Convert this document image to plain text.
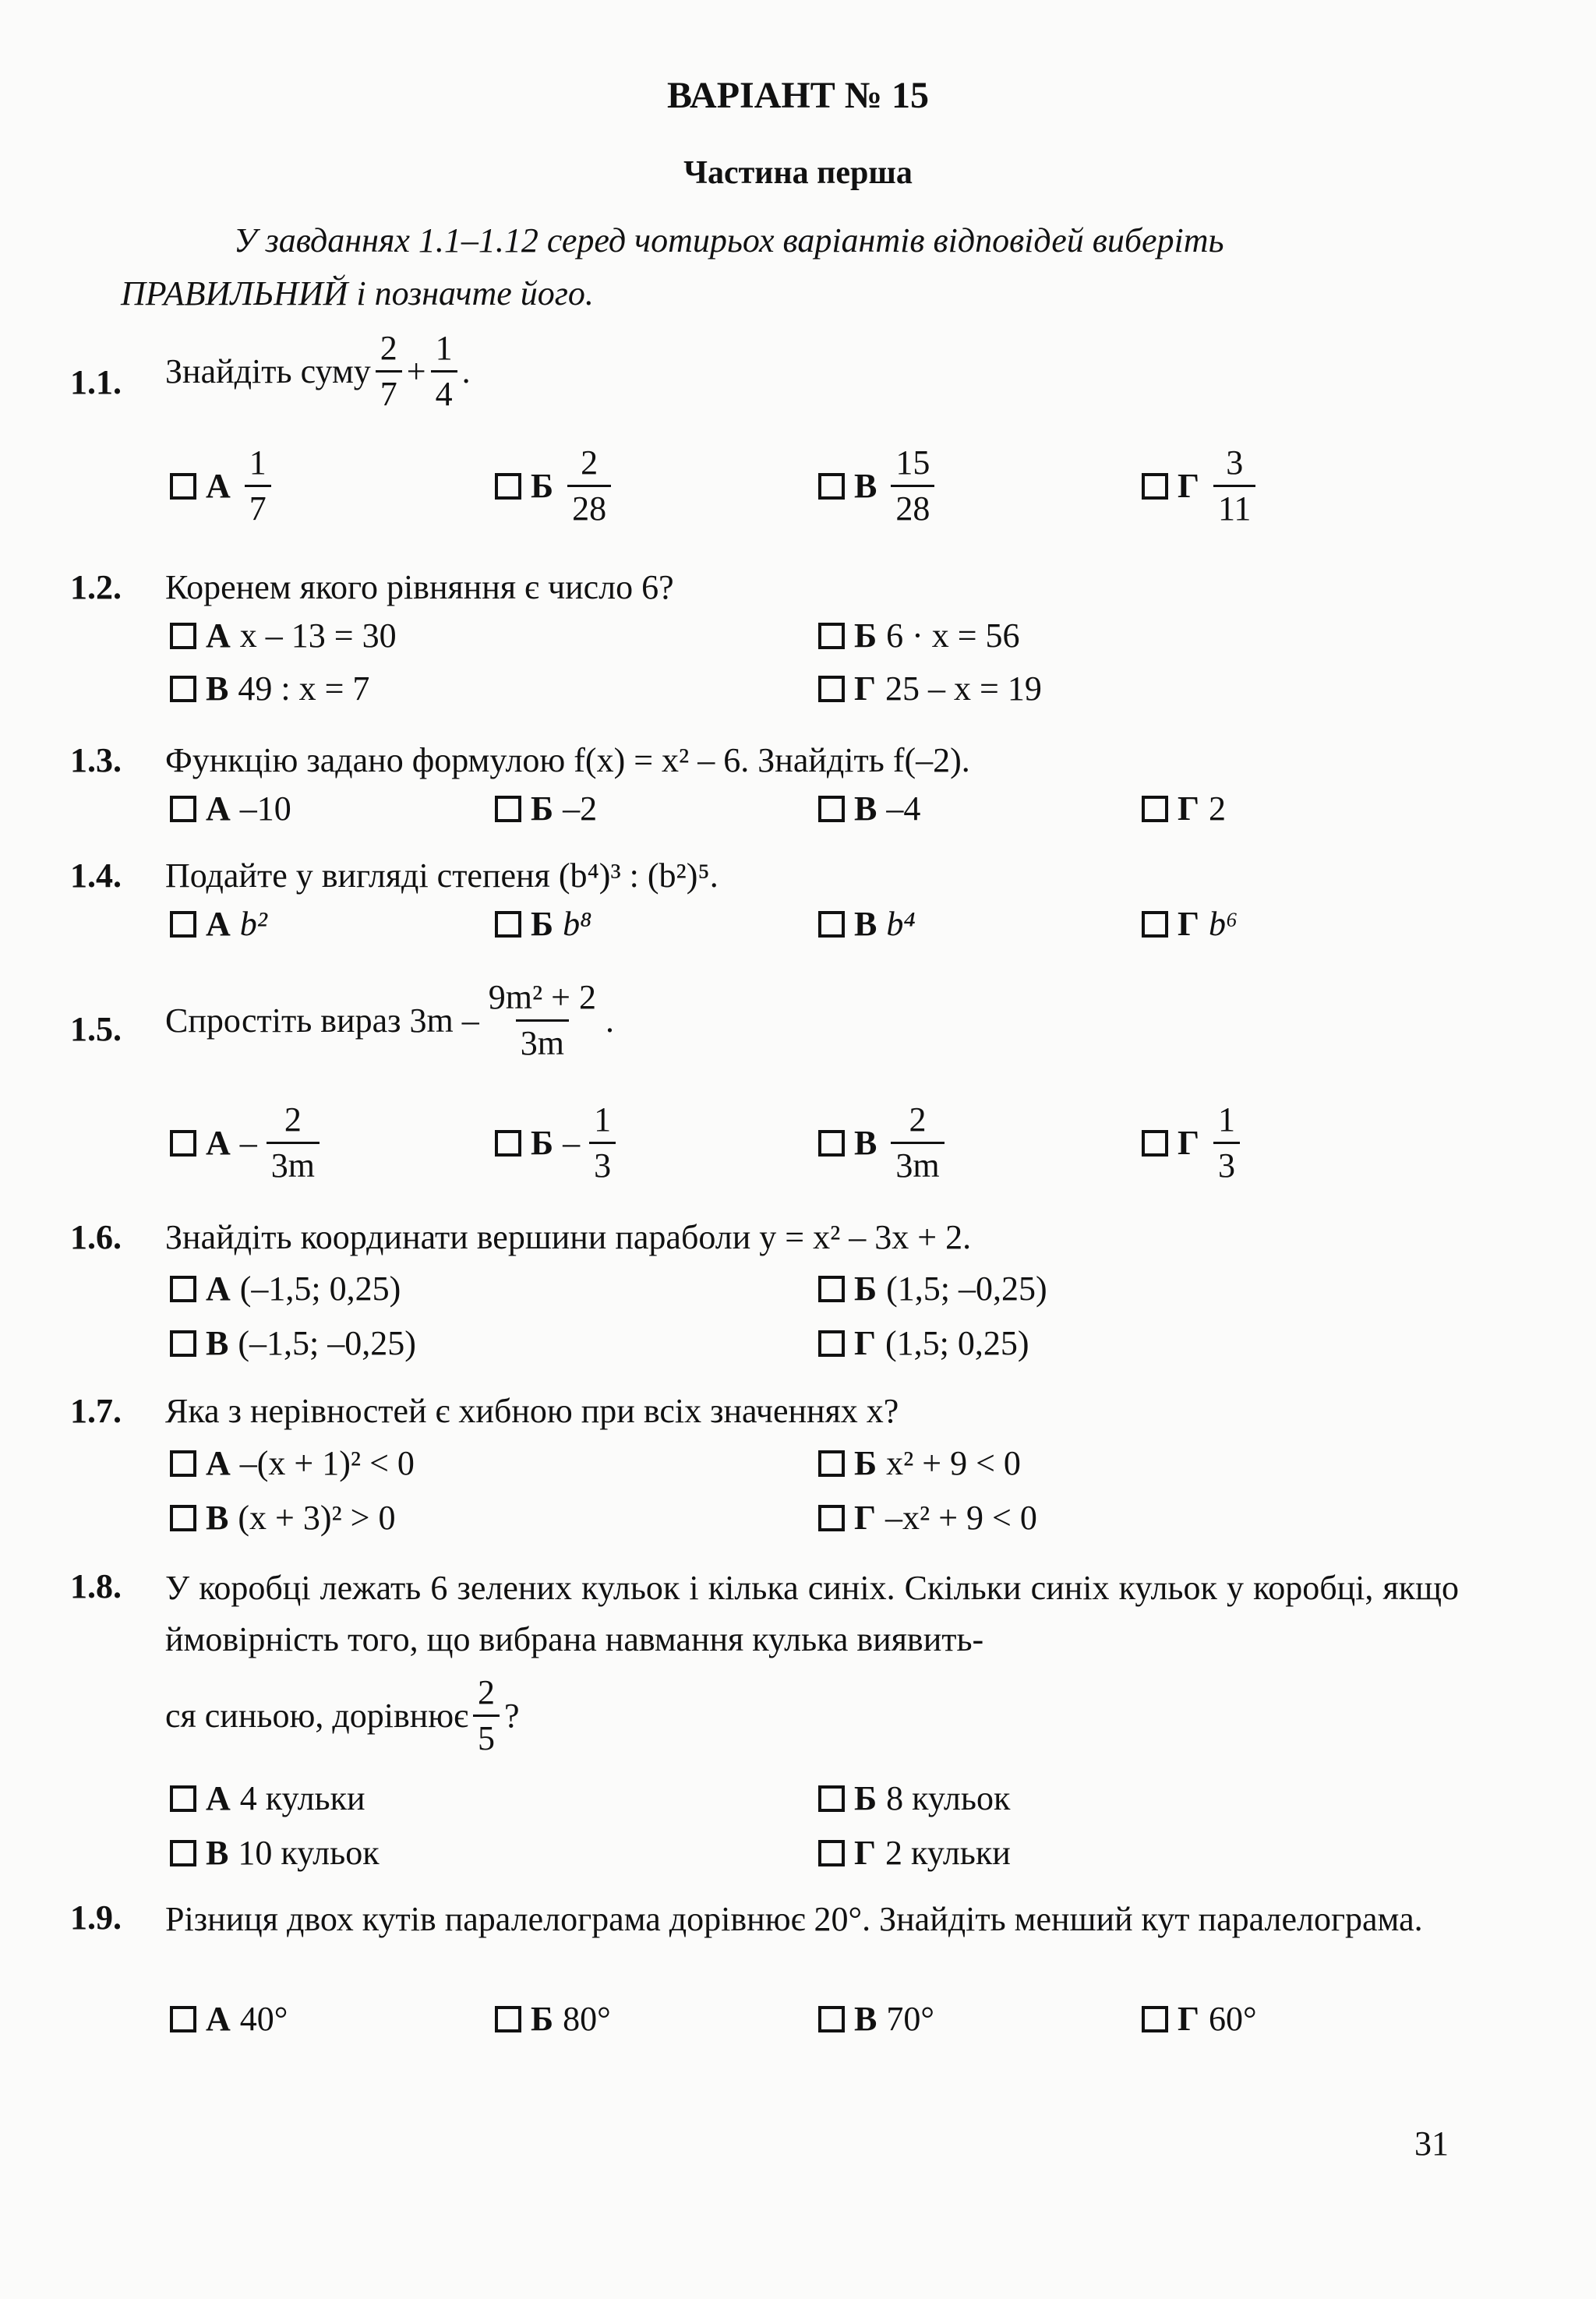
ВАРІАНТ № 15
Частина перша
У завданнях 1.1–1.12 серед чотирьох варіантів відповідей виберіть ПРАВИЛЬНИЙ і позначте його.
1.1. Знайдіть суму $\frac{2}{7} + \frac{1}{4}$ .
А $\frac{1}{7}$	Б $\frac{2}{28}$	В $\frac{15}{28}$	Г $\frac{3}{11}$
1.2. Коренем якого рівняння є число 6?
А x – 13 = 30	Б 6 · x = 56
В 49 : x = 7	Г 25 – x = 19
1.3. Функцію задано формулою f(x) = x² – 6. Знайдіть f(–2).
А –10	Б –2	В –4	Г 2
1.4. Подайте у вигляді степеня (b⁴)³ : (b²)⁵.
А b²	Б b⁸	В b⁴	Г b⁶
1.5. Спростіть вираз $3m - \frac{\text{9m² + 2}}{3m}$ .
А – $\frac{2}{3m}$	Б – $\frac{1}{3}$	В $\frac{2}{3m}$	Г $\frac{1}{3}$
1.6. Знайдіть координати вершини параболи y = x² – 3x + 2.
А (–1,5; 0,25)	Б (1,5; –0,25)
В (–1,5; –0,25)	Г (1,5; 0,25)
1.7. Яка з нерівностей є хибною при всіх значеннях x?
А –(x + 1)² < 0	Б x² + 9 < 0
В (x + 3)² > 0	Г –x² + 9 < 0
1.8. У коробці лежать 6 зелених кульок і кілька синіх. Скільки синіх кульок у коробці, якщо ймовірність того, що вибрана навмання кулька виявить-
ся синьою, дорівнює $\frac{2}{5}$ ?
А 4 кульки	Б 8 кульок
В 10 кульок	Г 2 кульки
1.9. Різниця двох кутів паралелограма дорівнює 20°. Знайдіть менший кут паралелограма.
А 40°	Б 80°	В 70°	Г 60°
31
